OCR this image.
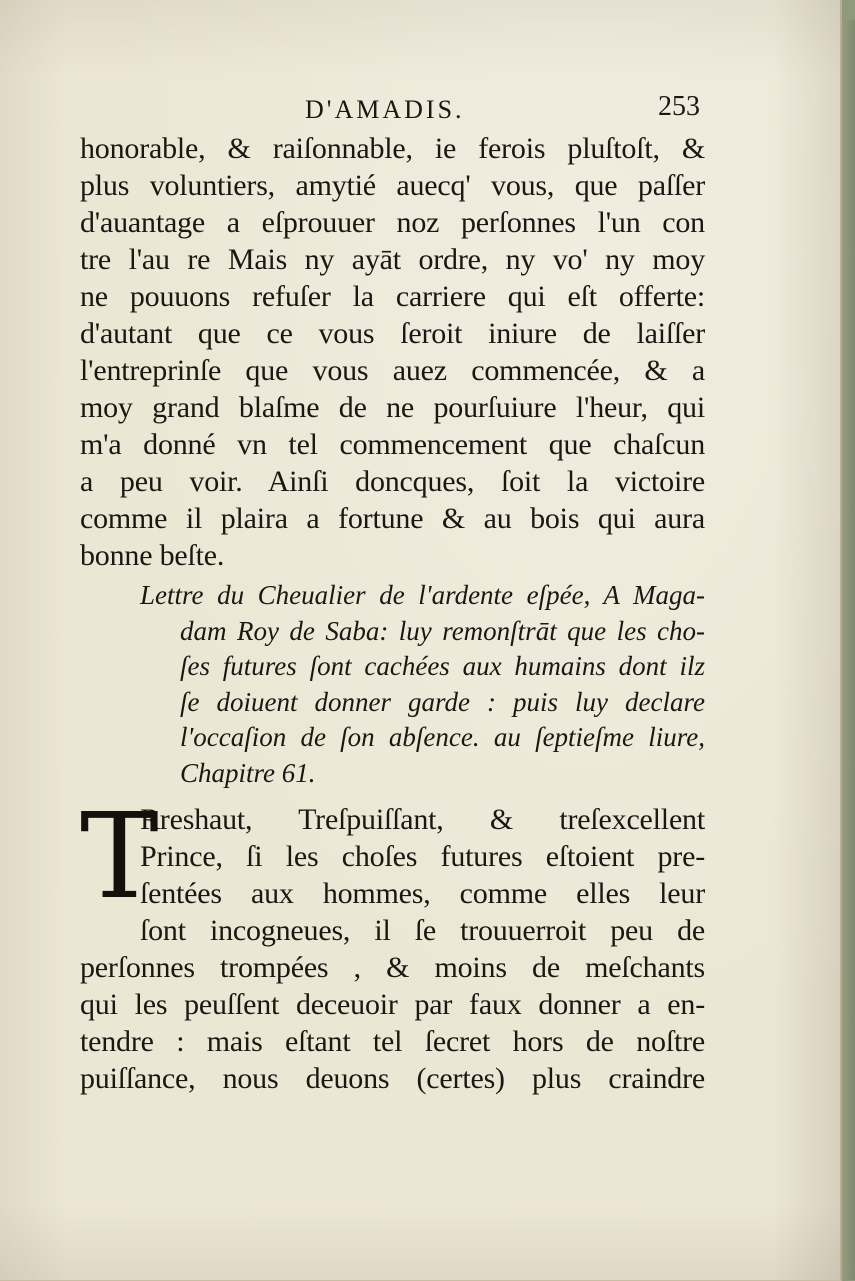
D'AMADIS.	253
honorable, & raiſonnable, ie ferois pluſtoſt, &
plus voluntiers, amytié auecq' vous, que paſſer
d'auantage a eſprouuer noz perſonnes l'un con
tre l'au re Mais ny ayāt ordre, ny vo' ny moy
ne pouuons refuſer la carriere qui eſt offerte:
d'autant que ce vous ſeroit iniure de laiſſer
l'entreprinſe que vous auez commencée, & a
moy grand blaſme de ne pourſuiure l'heur, qui
m'a donné vn tel commencement que chaſcun
a peu voir. Ainſi doncques, ſoit la victoire
comme il plaira a fortune & au bois qui aura
bonne beſte.
Lettre du Cheualier de l'ardente eſpée, A Maga-
dam Roy de Saba: luy remonſtrāt que les cho-
ſes futures ſont cachées aux humains dont ilz
ſe doiuent donner garde : puis luy declare
l'occaſion de ſon abſence. au ſeptieſme liure,
Chapitre 61.
T
Rreshaut, Treſpuiſſant, & treſexcellent
Prince, ſi les choſes futures eſtoient pre-
ſentées aux hommes, comme elles leur
ſont incogneues, il ſe trouuerroit peu de
perſonnes trompées , & moins de meſchants
qui les peuſſent deceuoir par faux donner a en-
tendre : mais eſtant tel ſecret hors de noſtre
puiſſance, nous deuons (certes) plus craindre
